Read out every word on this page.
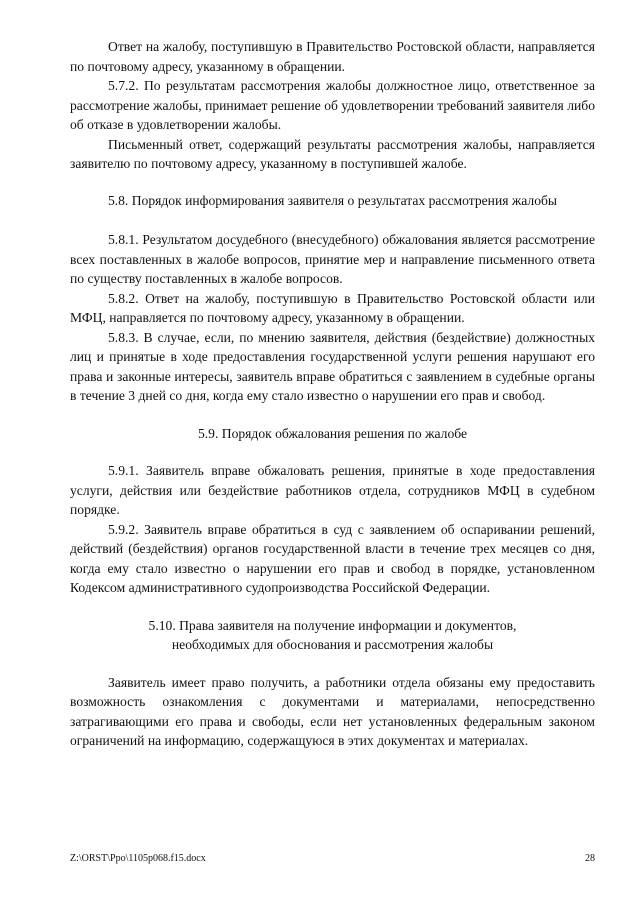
Ответ на жалобу, поступившую в Правительство Ростовской области, направляется по почтовому адресу, указанному в обращении.

5.7.2. По результатам рассмотрения жалобы должностное лицо, ответственное за рассмотрение жалобы, принимает решение об удовлетворении требований заявителя либо об отказе в удовлетворении жалобы.

Письменный ответ, содержащий результаты рассмотрения жалобы, направляется заявителю по почтовому адресу, указанному в поступившей жалобе.

5.8. Порядок информирования заявителя о результатах рассмотрения жалобы

5.8.1. Результатом досудебного (внесудебного) обжалования является рассмотрение всех поставленных в жалобе вопросов, принятие мер и направление письменного ответа по существу поставленных в жалобе вопросов.

5.8.2. Ответ на жалобу, поступившую в Правительство Ростовской области или МФЦ, направляется по почтовому адресу, указанному в обращении.

5.8.3. В случае, если, по мнению заявителя, действия (бездействие) должностных лиц и принятые в ходе предоставления государственной услуги решения нарушают его права и законные интересы, заявитель вправе обратиться с заявлением в судебные органы в течение 3 дней со дня, когда ему стало известно о нарушении его прав и свобод.

5.9. Порядок обжалования решения по жалобе

5.9.1. Заявитель вправе обжаловать решения, принятые в ходе предоставления услуги, действия или бездействие работников отдела, сотрудников МФЦ в судебном порядке.

5.9.2. Заявитель вправе обратиться в суд с заявлением об оспаривании решений, действий (бездействия) органов государственной власти в течение трех месяцев со дня, когда ему стало известно о нарушении его прав и свобод в порядке, установленном Кодексом административного судопроизводства Российской Федерации.

5.10. Права заявителя на получение информации и документов,

необходимых для обоснования и рассмотрения жалобы

Заявитель имеет право получить, а работники отдела обязаны ему предоставить возможность ознакомления с документами и материалами, непосредственно затрагивающими его права и свободы, если нет установленных федеральным законом ограничений на информацию, содержащуюся в этих документах и материалах.

Z:\ORST\Ppo\1105p068.f15.docx	28
